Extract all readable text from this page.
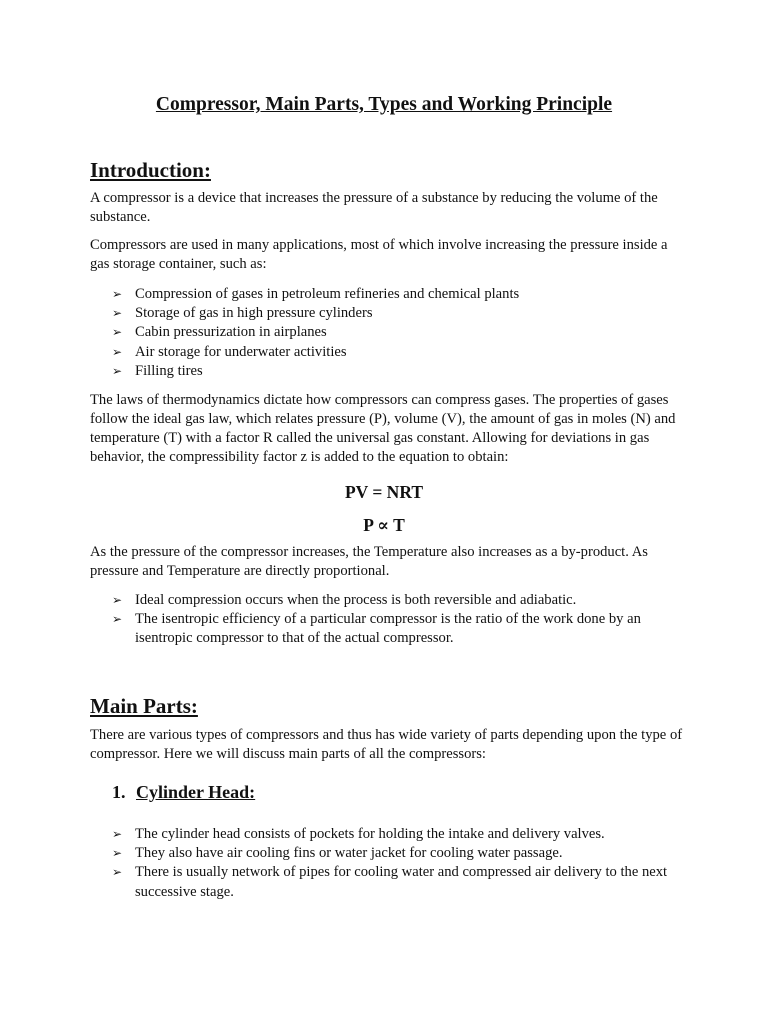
Compressor, Main Parts, Types and Working Principle
Introduction:
A compressor is a device that increases the pressure of a substance by reducing the volume of the substance.
Compressors are used in many applications, most of which involve increasing the pressure inside a gas storage container, such as:
➢ Compression of gases in petroleum refineries and chemical plants
➢ Storage of gas in high pressure cylinders
➢ Cabin pressurization in airplanes
➢ Air storage for underwater activities
➢ Filling tires
The laws of thermodynamics dictate how compressors can compress gases. The properties of gases follow the ideal gas law, which relates pressure (P), volume (V), the amount of gas in moles (N) and temperature (T) with a factor R called the universal gas constant. Allowing for deviations in gas behavior, the compressibility factor z is added to the equation to obtain:
PV = NRT
P ∝ T
As the pressure of the compressor increases, the Temperature also increases as a by-product. As pressure and Temperature are directly proportional.
➢ Ideal compression occurs when the process is both reversible and adiabatic.
➢ The isentropic efficiency of a particular compressor is the ratio of the work done by an isentropic compressor to that of the actual compressor.
Main Parts:
There are various types of compressors and thus has wide variety of parts depending upon the type of compressor. Here we will discuss main parts of all the compressors:
1. Cylinder Head:
➢ The cylinder head consists of pockets for holding the intake and delivery valves.
➢ They also have air cooling fins or water jacket for cooling water passage.
➢ There is usually network of pipes for cooling water and compressed air delivery to the next successive stage.
